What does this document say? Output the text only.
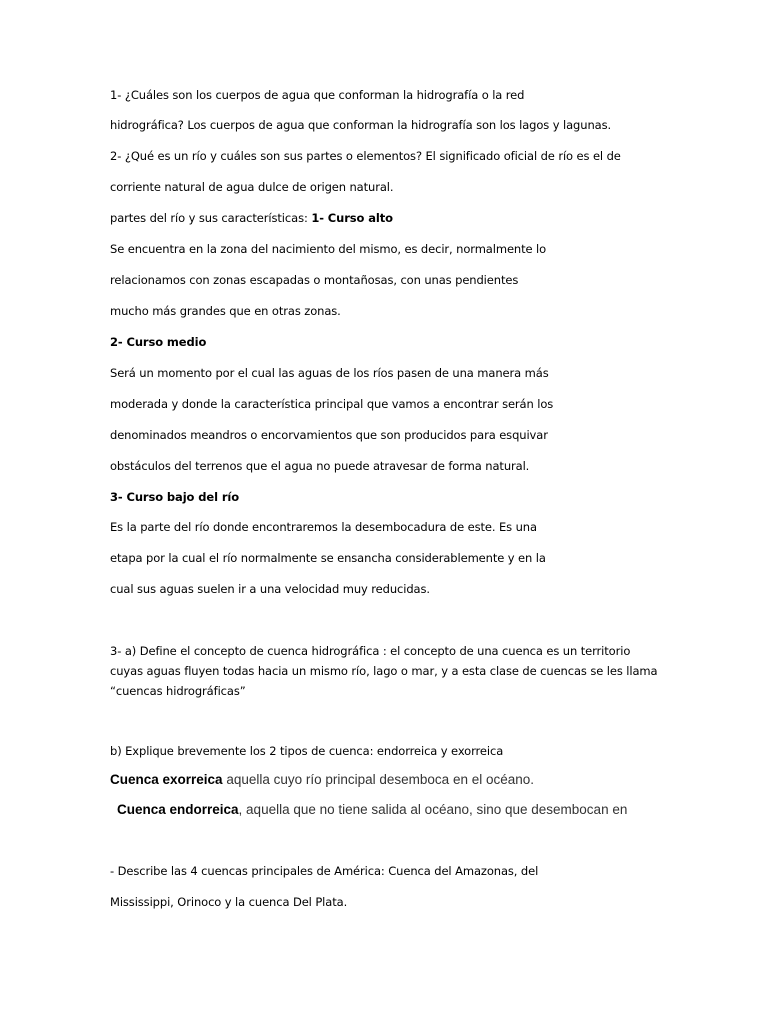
1- ¿Cuáles son los cuerpos de agua que conforman la hidrografía o la red
hidrográfica? Los cuerpos de agua que conforman la hidrografía son los lagos y lagunas.
2- ¿Qué es un río y cuáles son sus partes o elementos? El significado oficial de río es el de
corriente natural de agua dulce de origen natural.
partes del río y sus características: 1- Curso alto
Se encuentra en la zona del nacimiento del mismo, es decir, normalmente lo
relacionamos con zonas escapadas o montañosas, con unas pendientes
mucho más grandes que en otras zonas.
2- Curso medio
Será un momento por el cual las aguas de los ríos pasen de una manera más
moderada y donde la característica principal que vamos a encontrar serán los
denominados meandros o encorvamientos que son producidos para esquivar
obstáculos del terrenos que el agua no puede atravesar de forma natural.
3- Curso bajo del río
Es la parte del río donde encontraremos la desembocadura de este. Es una
etapa por la cual el río normalmente se ensancha considerablemente y en la
cual sus aguas suelen ir a una velocidad muy reducidas.
3- a) Define el concepto de cuenca hidrográfica : el concepto de una cuenca es un territorio
cuyas aguas fluyen todas hacia un mismo río, lago o mar, y a esta clase de cuencas se les llama
“cuencas hidrográficas”
b) Explique brevemente los 2 tipos de cuenca: endorreica y exorreica
Cuenca exorreica aquella cuyo río principal desemboca en el océano.
Cuenca endorreica, aquella que no tiene salida al océano, sino que desembocan en
- Describe las 4 cuencas principales de América: Cuenca del Amazonas, del
Mississippi, Orinoco y la cuenca Del Plata.
